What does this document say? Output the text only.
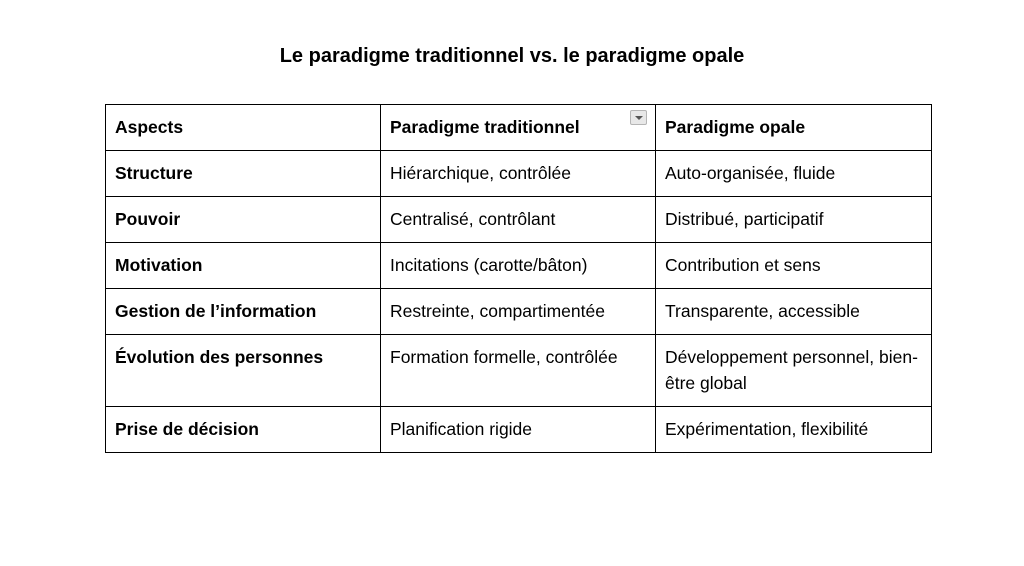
Le paradigme traditionnel vs. le paradigme opale
Aspects	Paradigme traditionnel	Paradigme opale
Structure	Hiérarchique, contrôlée	Auto-organisée, fluide
Pouvoir	Centralisé, contrôlant	Distribué, participatif
Motivation	Incitations (carotte/bâton)	Contribution et sens
Gestion de l’information	Restreinte, compartimentée	Transparente, accessible
Évolution des personnes	Formation formelle, contrôlée	Développement personnel, bien-être global
Prise de décision	Planification rigide	Expérimentation, flexibilité
